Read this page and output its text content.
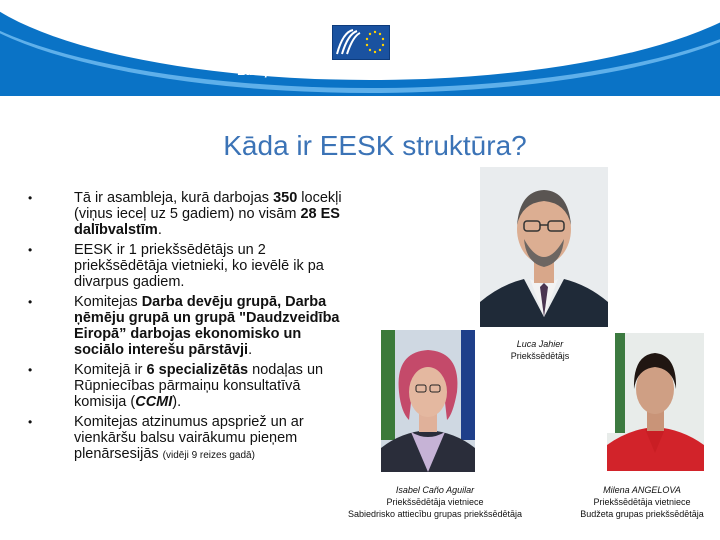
European Economic and Social Committee
Kāda ir EESK struktūra?
•	Tā ir asambleja, kurā darbojas 350 locekļi (viņus ieceļ uz 5 gadiem) no visām 28 ES dalībvalstīm.
•	EESK ir 1 priekšsēdētājs un 2 priekšsēdētāja vietnieki, ko ievēlē ik pa divarpus gadiem.
•	Komitejas Darba devēju grupā, Darba ņēmēju grupā un grupā "Daudzveidība Eiropā” darbojas ekonomisko un sociālo interešu pārstāvji.
•	Komitejā ir 6 specializētās nodaļas un Rūpniecības pārmaiņu konsultatīvā komisija (CCMI).
•	Komitejas atzinumus apspriež un ar vienkāršu balsu vairākumu pieņem plenārsesijās (vidēji 9 reizes gadā)
Luca Jahier
Priekšsēdētājs
Isabel Caño Aguilar
Priekšsēdētāja vietniece
Sabiedrisko attiecību grupas priekšsēdētāja
Milena ANGELOVA
Priekšsēdētāja vietniece
Budžeta grupas priekšsēdētāja
